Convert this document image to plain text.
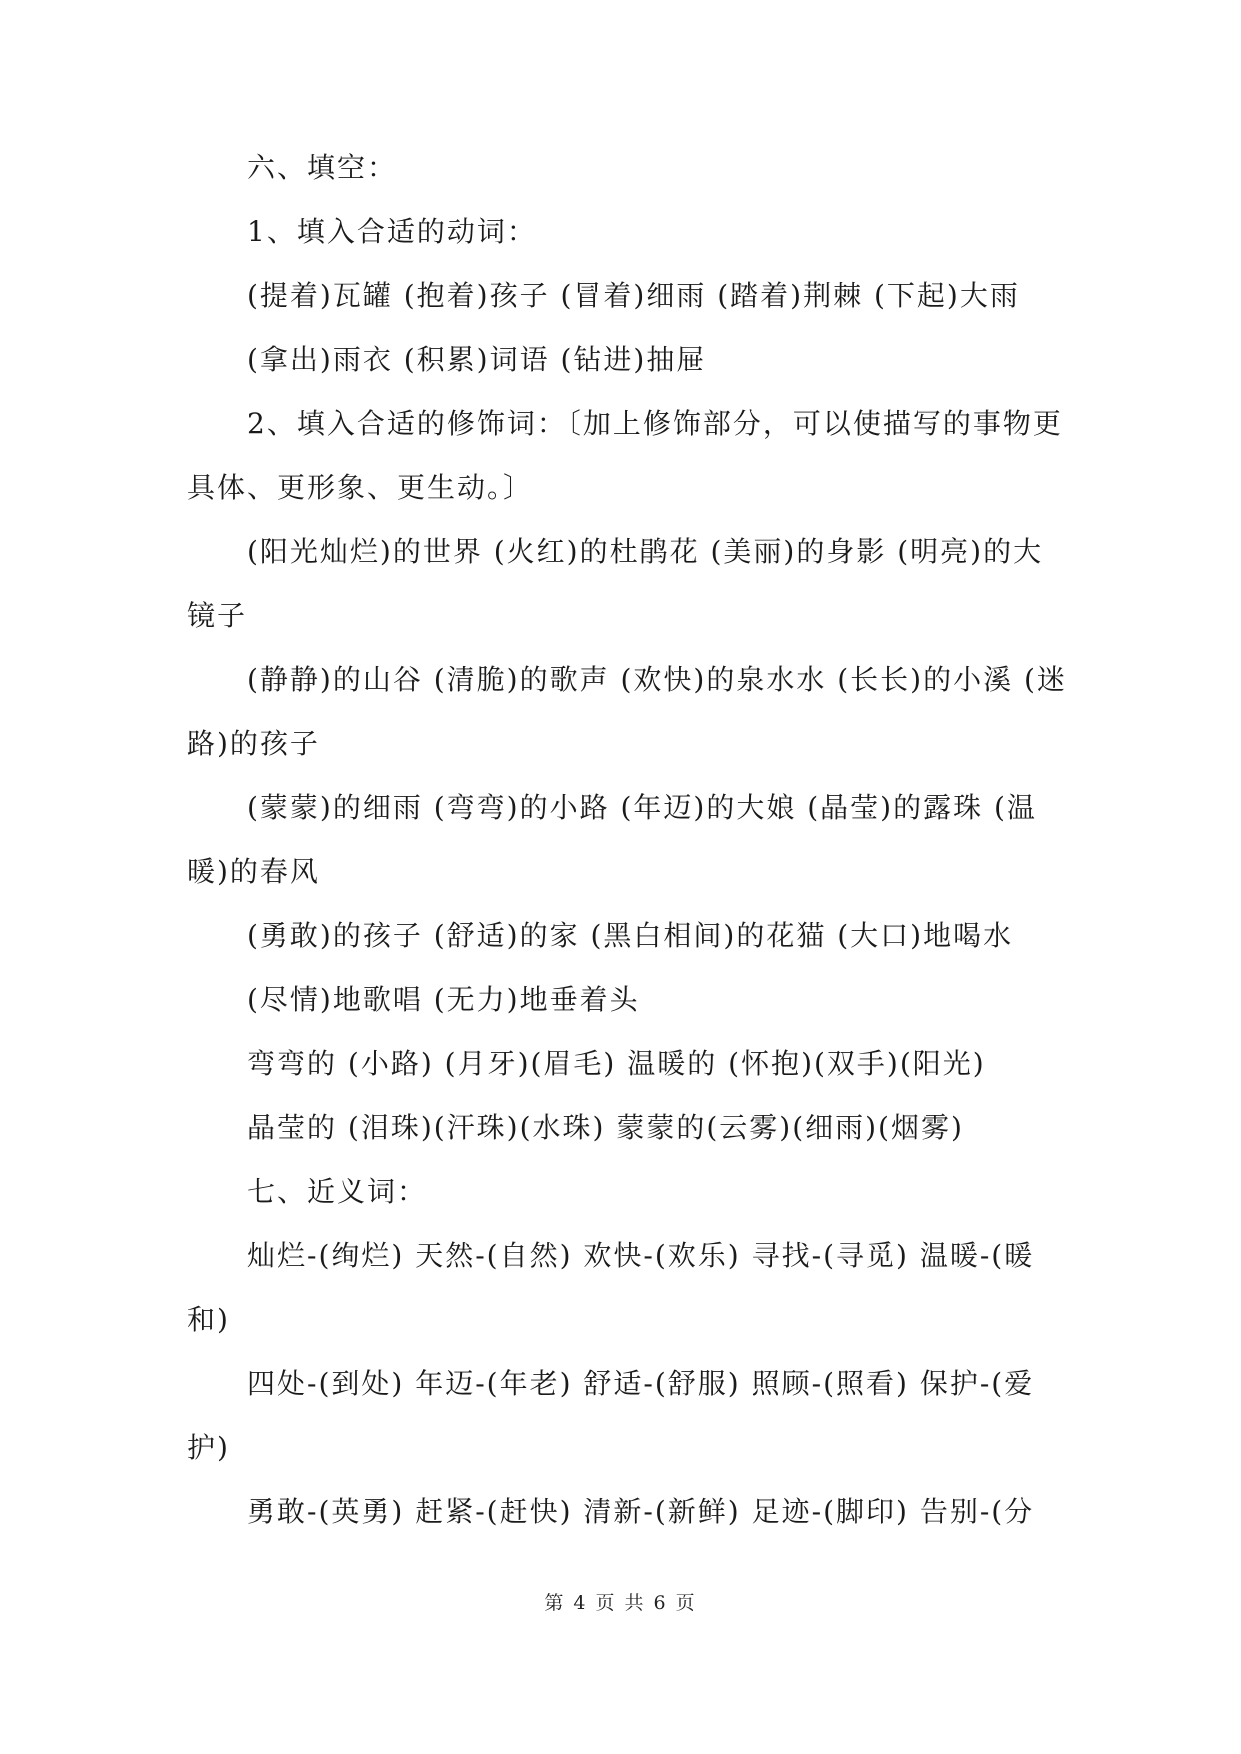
六、填空：
1、填入合适的动词：
(提着)瓦罐 (抱着)孩子 (冒着)细雨 (踏着)荆棘 (下起)大雨
(拿出)雨衣 (积累)词语 (钻进)抽屉
2、填入合适的修饰词：〔加上修饰部分，可以使描写的事物更
具体、更形象、更生动。〕
(阳光灿烂)的世界 (火红)的杜鹃花 (美丽)的身影 (明亮)的大
镜子
(静静)的山谷 (清脆)的歌声 (欢快)的泉水水 (长长)的小溪 (迷
路)的孩子
(蒙蒙)的细雨 (弯弯)的小路 (年迈)的大娘 (晶莹)的露珠 (温
暖)的春风
(勇敢)的孩子 (舒适)的家 (黑白相间)的花猫 (大口)地喝水
(尽情)地歌唱 (无力)地垂着头
弯弯的 (小路) (月牙)(眉毛) 温暖的 (怀抱)(双手)(阳光)
晶莹的 (泪珠)(汗珠)(水珠) 蒙蒙的(云雾)(细雨)(烟雾)
七、近义词：
灿烂-(绚烂) 天然-(自然) 欢快-(欢乐) 寻找-(寻觅) 温暖-(暖
和)
四处-(到处) 年迈-(年老) 舒适-(舒服) 照顾-(照看) 保护-(爱
护)
勇敢-(英勇) 赶紧-(赶快) 清新-(新鲜) 足迹-(脚印) 告别-(分
第 4 页 共 6 页
